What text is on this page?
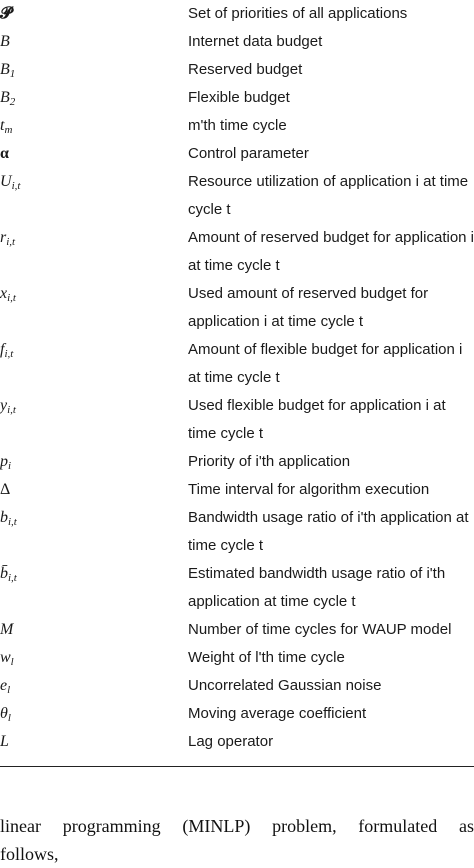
𝓟	Set of priorities of all applications
B	Internet data budget
$B_1$	Reserved budget
$B_2$	Flexible budget
$t_m$	m'th time cycle
α	Control parameter
$U_{i,t}$	Resource utilization of application i at time cycle t
$r_{i,t}$	Amount of reserved budget for application i at time cycle t
$x_{i,t}$	Used amount of reserved budget for application i at time cycle t
$f_{i,t}$	Amount of flexible budget for application i at time cycle t
$y_{i,t}$	Used flexible budget for application i at time cycle t
$p_i$	Priority of i'th application
Δ	Time interval for algorithm execution
$b_{i,t}$	Bandwidth usage ratio of i'th application at time cycle t
$b̄_{i,t}$	Estimated bandwidth usage ratio of i'th application at time cycle t
M	Number of time cycles for WAUP model
$w_l$	Weight of l'th time cycle
$e_l$	Uncorrelated Gaussian noise
$\theta_l$	Moving average coefficient
L	Lag operator
linear programming (MINLP) problem, formulated as
follows,
